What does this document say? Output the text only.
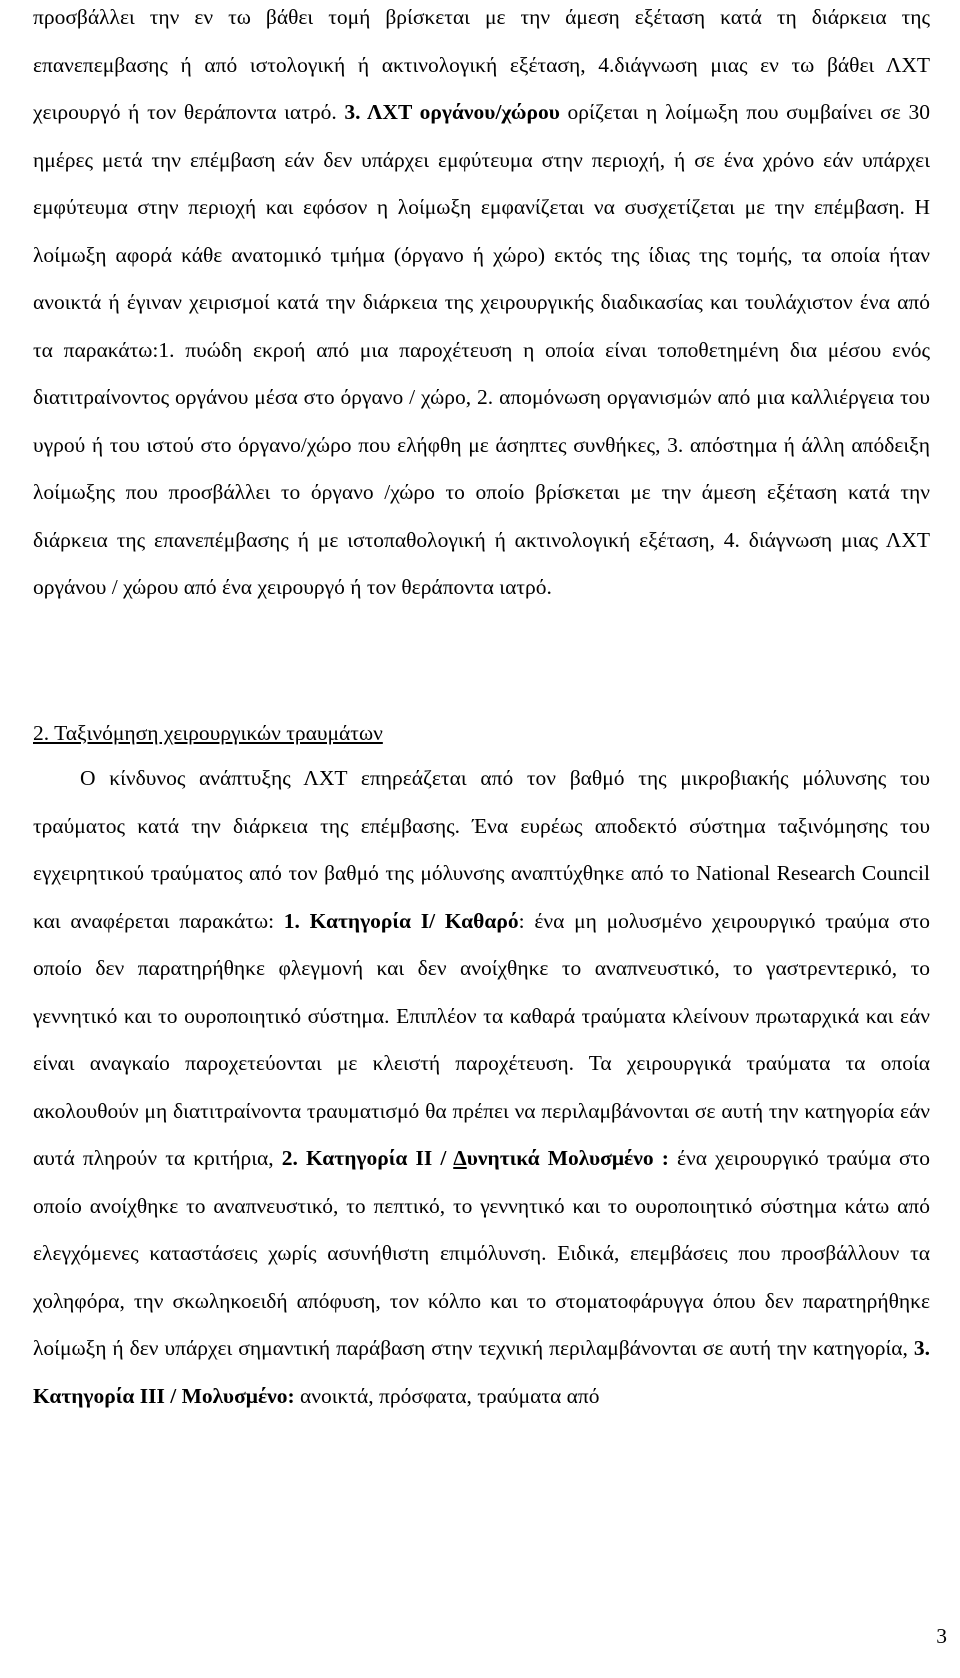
προσβάλλει την εν τω βάθει τομή βρίσκεται με την άμεση εξέταση κατά τη διάρκεια της επανεπεμβασης ή από ιστολογική ή ακτινολογική εξέταση, 4.διάγνωση μιας εν τω βάθει ΛΧΤ χειρουργό ή τον θεράποντα ιατρό. 3. ΛΧΤ οργάνου/χώρου ορίζεται η λοίμωξη που συμβαίνει σε 30 ημέρες μετά την επέμβαση εάν δεν υπάρχει εμφύτευμα στην περιοχή, ή σε ένα χρόνο εάν υπάρχει εμφύτευμα στην περιοχή και εφόσον η λοίμωξη εμφανίζεται να συσχετίζεται με την επέμβαση. Η λοίμωξη αφορά κάθε ανατομικό τμήμα (όργανο ή χώρο) εκτός της ίδιας της τομής, τα οποία ήταν ανοικτά ή έγιναν χειρισμοί κατά την διάρκεια της χειρουργικής διαδικασίας και τουλάχιστον ένα από τα παρακάτω:1. πυώδη εκροή από μια παροχέτευση η οποία είναι τοποθετημένη δια μέσου ενός διατιτραίνοντος οργάνου μέσα στο όργανο / χώρο, 2. απομόνωση οργανισμών από μια καλλιέργεια του υγρού ή του ιστού στο όργανο/χώρο που ελήφθη με άσηπτες συνθήκες, 3. απόστημα ή άλλη απόδειξη λοίμωξης που προσβάλλει το όργανο /χώρο το οποίο βρίσκεται με την άμεση εξέταση κατά την διάρκεια της επανεπέμβασης ή με ιστοπαθολογική ή ακτινολογική εξέταση, 4. διάγνωση μιας ΛΧΤ οργάνου / χώρου από ένα χειρουργό ή τον θεράποντα ιατρό.

2. Ταξινόμηση χειρουργικών τραυμάτων

Ο κίνδυνος ανάπτυξης ΛΧΤ επηρεάζεται από τον βαθμό της μικροβιακής μόλυνσης του τραύματος κατά την διάρκεια της επέμβασης. Ένα ευρέως αποδεκτό σύστημα ταξινόμησης του εγχειρητικού τραύματος από τον βαθμό της μόλυνσης αναπτύχθηκε από το National Research Council και αναφέρεται παρακάτω: 1. Κατηγορία Ι/ Καθαρό: ένα μη μολυσμένο χειρουργικό τραύμα στο οποίο δεν παρατηρήθηκε φλεγμονή και δεν ανοίχθηκε το αναπνευστικό, το γαστρεντερικό, το γεννητικό και το ουροποιητικό σύστημα. Επιπλέον τα καθαρά τραύματα κλείνουν πρωταρχικά και εάν είναι αναγκαίο παροχετεύονται με κλειστή παροχέτευση. Τα χειρουργικά τραύματα τα οποία ακολουθούν μη διατιτραίνοντα τραυματισμό θα πρέπει να περιλαμβάνονται σε αυτή την κατηγορία εάν αυτά πληρούν τα κριτήρια, 2. Κατηγορία ΙΙ / Δυνητικά Μολυσμένο : ένα χειρουργικό τραύμα στο οποίο ανοίχθηκε το αναπνευστικό, το πεπτικό, το γεννητικό και το ουροποιητικό σύστημα κάτω από ελεγχόμενες καταστάσεις χωρίς ασυνήθιστη επιμόλυνση. Ειδικά, επεμβάσεις που προσβάλλουν τα χοληφόρα, την σκωληκοειδή απόφυση, τον κόλπο και το στοματοφάρυγγα όπου δεν παρατηρήθηκε λοίμωξη ή δεν υπάρχει σημαντική παράβαση στην τεχνική περιλαμβάνονται σε αυτή την κατηγορία, 3. Κατηγορία ΙΙΙ / Μολυσμένο: ανοικτά, πρόσφατα, τραύματα από

3
